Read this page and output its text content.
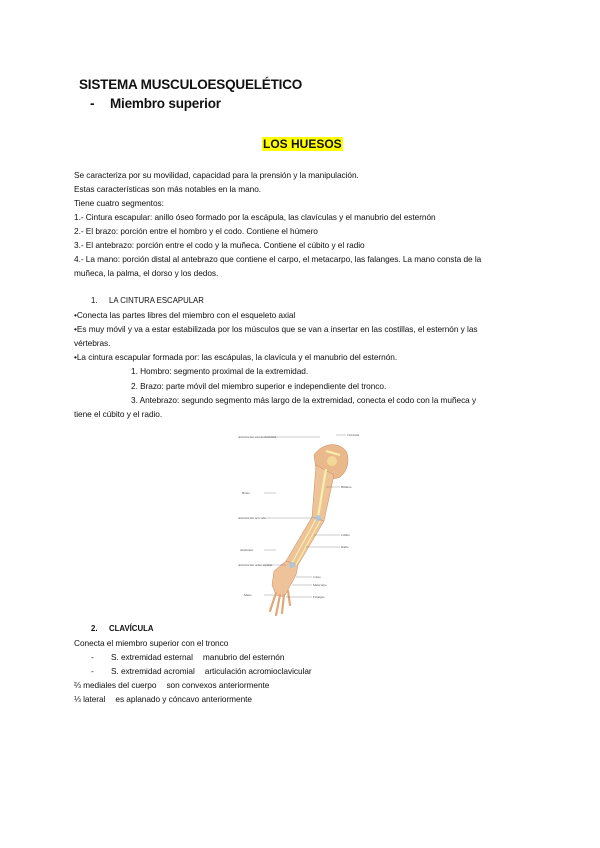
SISTEMA MUSCULOESQUELÉTICO
- Miembro superior
LOS HUESOS
Se caracteriza por su movilidad, capacidad para la prensión y la manipulación.
Estas características son más notables en la mano.
Tiene cuatro segmentos:
1.- Cintura escapular: anillo óseo formado por la escápula, las clavículas y el manubrio del esternón
2.- El brazo: porción entre el hombro y el codo. Contiene el húmero
3.- El antebrazo: porción entre el codo y la muñeca. Contiene el cúbito y el radio
4.- La mano: porción distal al antebrazo que contiene el carpo, el metacarpo, las falanges. La mano consta de la
muñeca, la palma, el dorso y los dedos.
1. LA CINTURA ESCAPULAR
•Conecta las partes libres del miembro con el esqueleto axial
•Es muy móvil y va a estar estabilizada por los músculos que se van a insertar en las costillas, el esternón y las
vértebras.
•La cintura escapular formada por: las escápulas, la clavícula y el manubrio del esternón.
1. Hombro: segmento proximal de la extremidad.
2. Brazo: parte móvil del miembro superior e independiente del tronco.
3. Antebrazo: segundo segmento más largo de la extremidad, conecta el codo con la muñeca y
tiene el cúbito y el radio.
Articulación esternoclavicular
Brazo
Articulación del codo
Antebrazo
Articulación radiocarpiana
Mano
Clavícula
Húmero
Cúbito
Radio
Carpo
Metacarpo
Falanges
2. CLAVÍCULA
Conecta el miembro superior con el tronco
- S. extremidad esternal manubrio del esternón
- S. extremidad acromial articulación acromioclavicular
⅔ mediales del cuerpo son convexos anteriormente
⅓ lateral es aplanado y cóncavo anteriormente
